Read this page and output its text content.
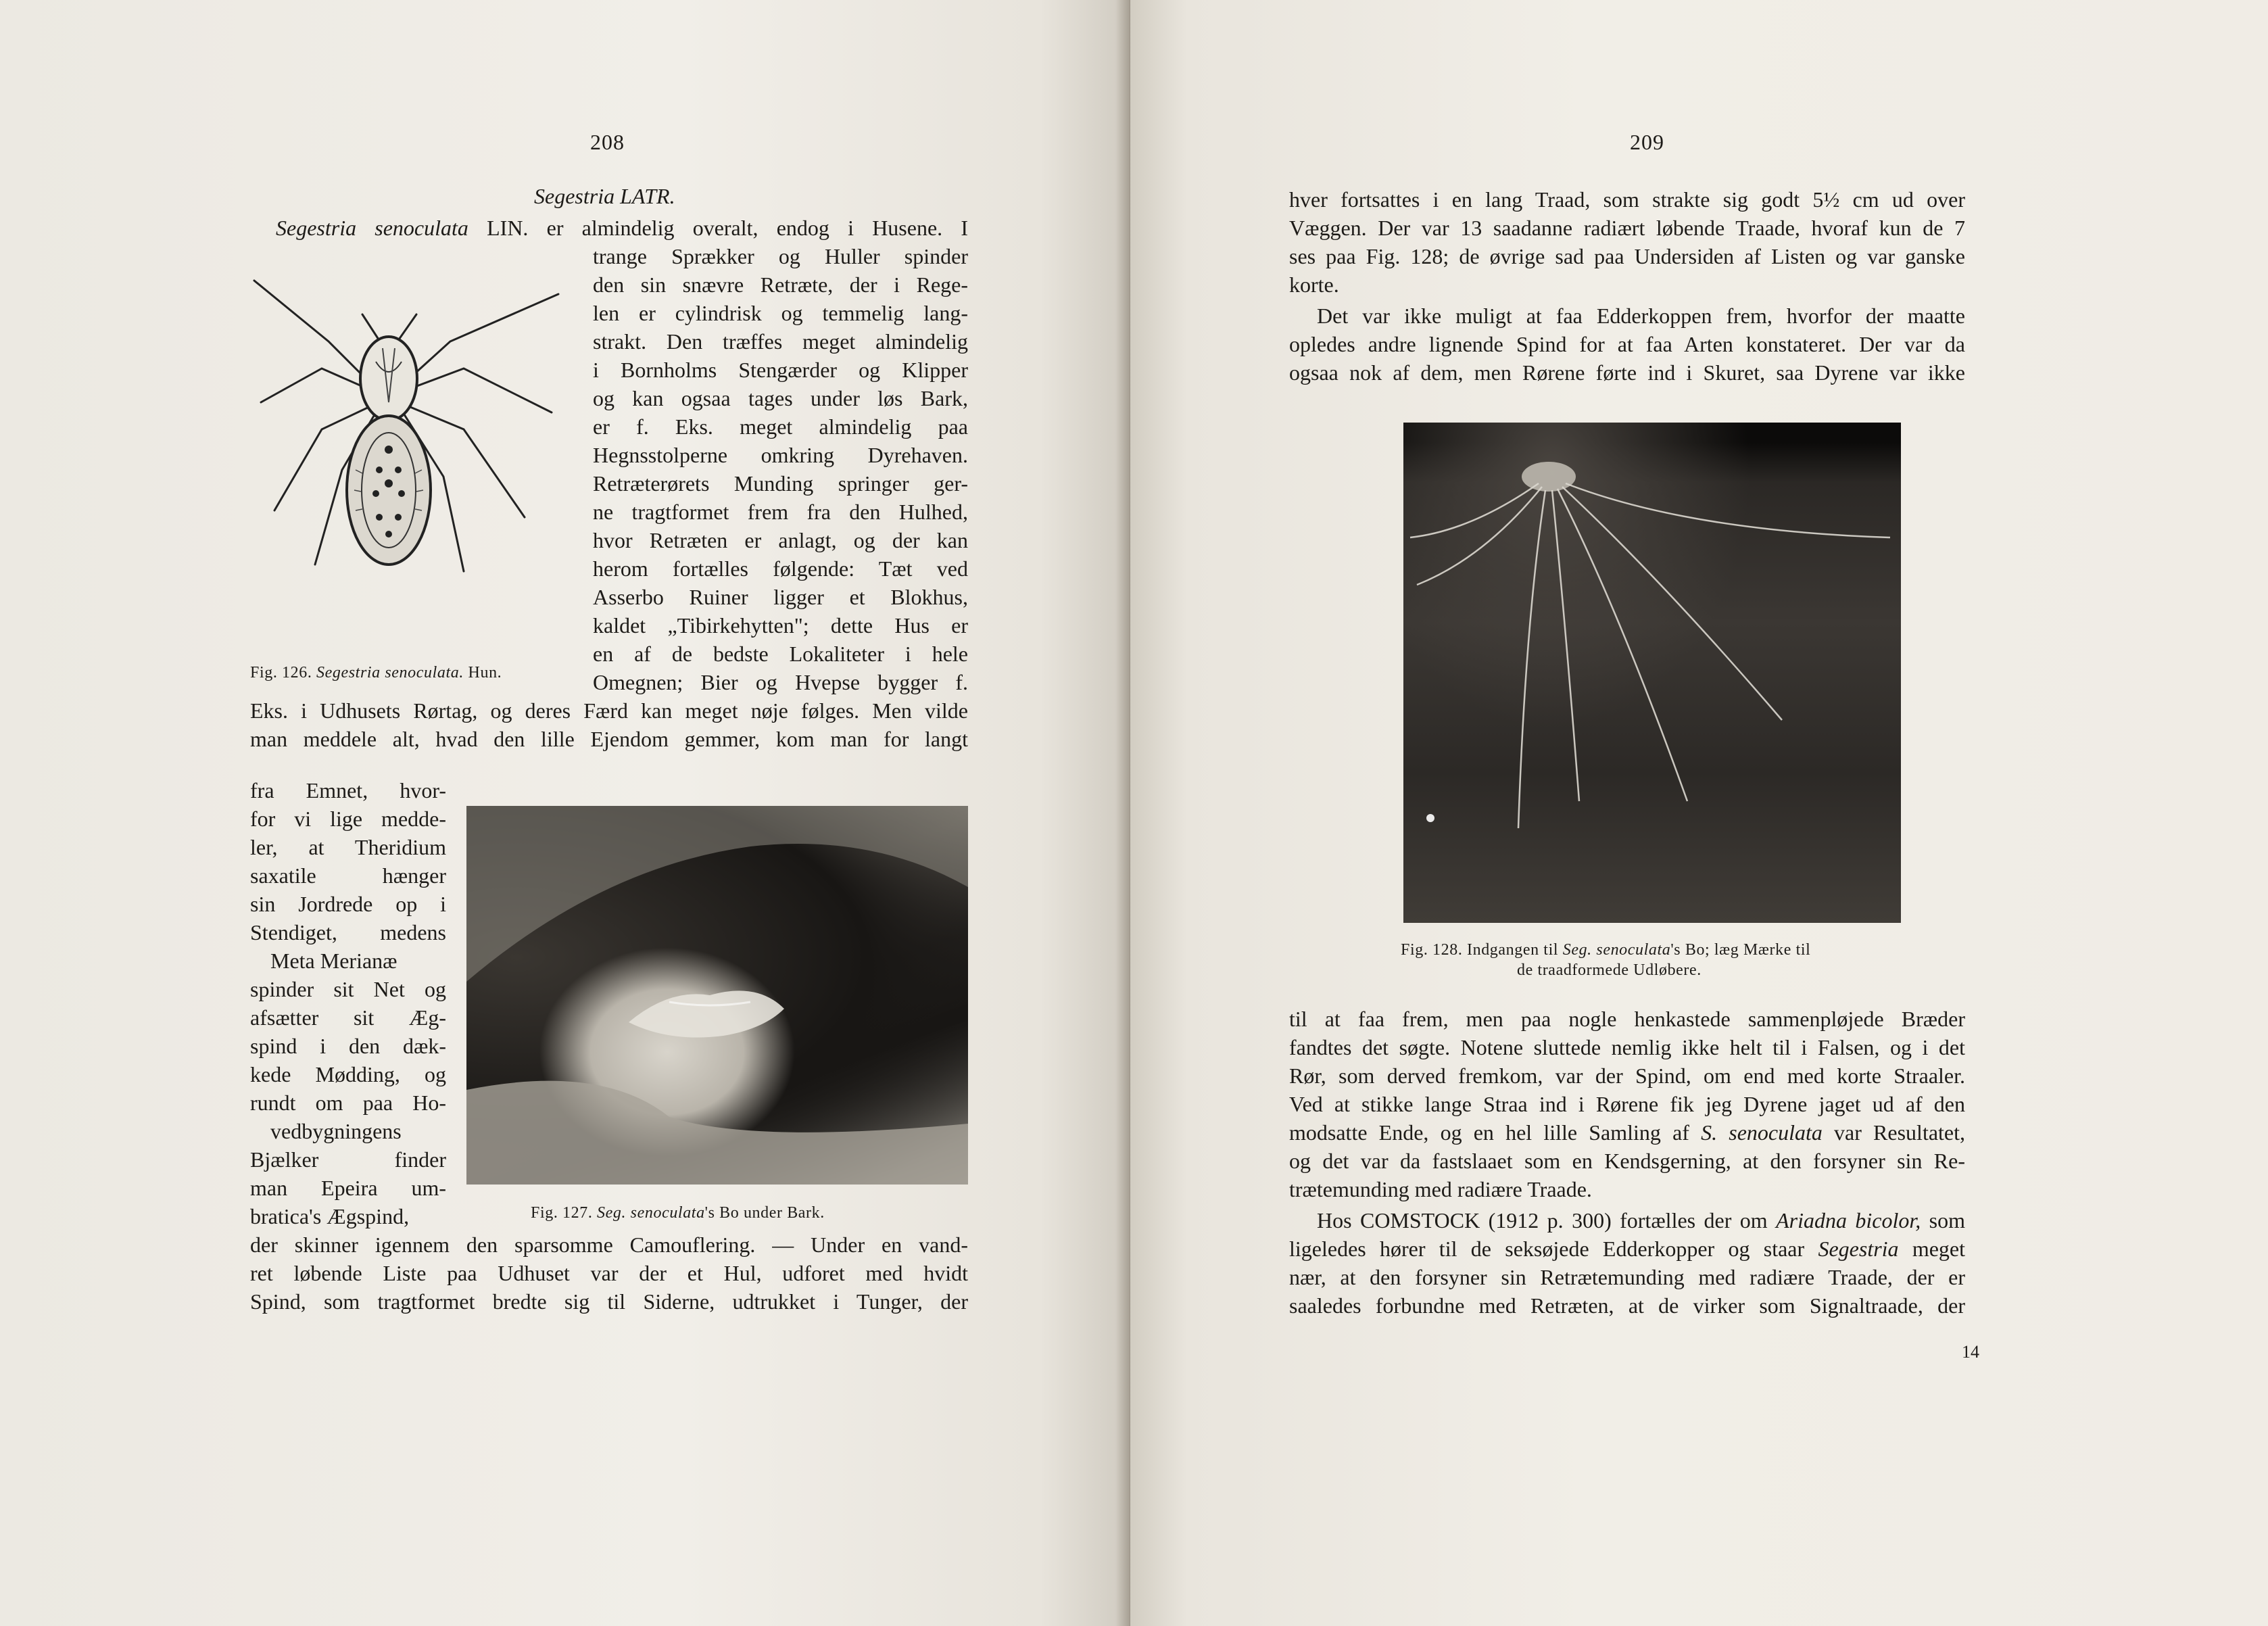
208
Segestria LATR.
Segestria senoculata LIN. er almindelig overalt, endog i Husene. I
Fig. 126. Segestria senoculata. Hun.
trange Sprækker og Huller spinder
den sin snævre Retræte, der i Rege-
len er cylindrisk og temmelig lang-
strakt. Den træffes meget almindelig
i Bornholms Stengærder og Klipper
og kan ogsaa tages under løs Bark,
er f. Eks. meget almindelig paa
Hegnsstolperne omkring Dyrehaven.
Retræterørets Munding springer ger-
ne tragtformet frem fra den Hulhed,
hvor Retræten er anlagt, og der kan
herom fortælles følgende: Tæt ved
Asserbo Ruiner ligger et Blokhus,
kaldet „Tibirkehytten"; dette Hus er
en af de bedste Lokaliteter i hele
Omegnen; Bier og Hvepse bygger f.
Eks. i Udhusets Rørtag, og deres Færd kan meget nøje følges. Men vilde
man meddele alt, hvad den lille Ejendom gemmer, kom man for langt
Fig. 127. Seg. senoculata's Bo under Bark.
fra Emnet, hvor-
for vi lige medde-
ler, at Theridium
saxatile hænger
sin Jordrede op i
Stendiget, medens
Meta Merianæ
spinder sit Net og
afsætter sit Æg-
spind i den dæk-
kede Mødding, og
rundt om paa Ho-
vedbygningens
Bjælker finder
man Epeira um-
bratica's Ægspind,
der skinner igennem den sparsomme Camouflering. — Under en vand-
ret løbende Liste paa Udhuset var der et Hul, udforet med hvidt
Spind, som tragtformet bredte sig til Siderne, udtrukket i Tunger, der
209
hver fortsattes i en lang Traad, som strakte sig godt 5½ cm ud over
Væggen. Der var 13 saadanne radiært løbende Traade, hvoraf kun de 7
ses paa Fig. 128; de øvrige sad paa Undersiden af Listen og var ganske
korte.
Det var ikke muligt at faa Edderkoppen frem, hvorfor der maatte
opledes andre lignende Spind for at faa Arten konstateret. Der var da
ogsaa nok af dem, men Rørene førte ind i Skuret, saa Dyrene var ikke
Fig. 128. Indgangen til Seg. senoculata's Bo; læg Mærke til
de traadformede Udløbere.
til at faa frem, men paa nogle henkastede sammenpløjede Bræder
fandtes det søgte. Notene sluttede nemlig ikke helt til i Falsen, og i det
Rør, som derved fremkom, var der Spind, om end med korte Straaler.
Ved at stikke lange Straa ind i Rørene fik jeg Dyrene jaget ud af den
modsatte Ende, og en hel lille Samling af S. senoculata var Resultatet,
og det var da fastslaaet som en Kendsgerning, at den forsyner sin Re-
trætemunding med radiære Traade.
Hos COMSTOCK (1912 p. 300) fortælles der om Ariadna bicolor, som
ligeledes hører til de seksøjede Edderkopper og staar Segestria meget
nær, at den forsyner sin Retrætemunding med radiære Traade, der er
saaledes forbundne med Retræten, at de virker som Signaltraade, der
14
